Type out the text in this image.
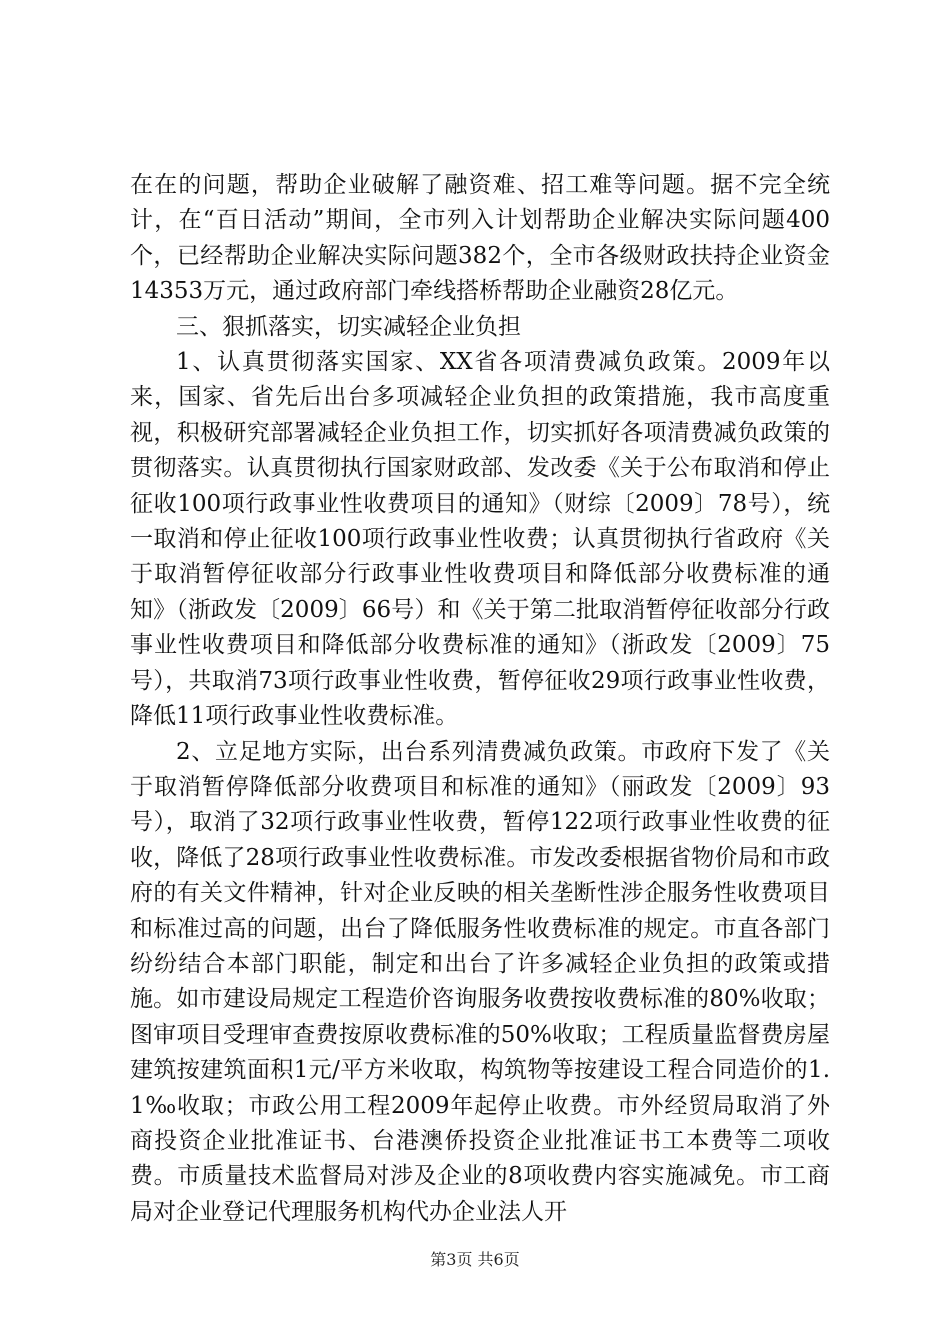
在在的问题，帮助企业破解了融资难、招工难等问题。据不完全统计，在“百日活动”期间，全市列入计划帮助企业解决实际问题400个，已经帮助企业解决实际问题382个，全市各级财政扶持企业资金14353万元，通过政府部门牵线搭桥帮助企业融资28亿元。

三、狠抓落实，切实减轻企业负担

1、认真贯彻落实国家、XX省各项清费减负政策。2009年以来，国家、省先后出台多项减轻企业负担的政策措施，我市高度重视，积极研究部署减轻企业负担工作，切实抓好各项清费减负政策的贯彻落实。认真贯彻执行国家财政部、发改委《关于公布取消和停止征收100项行政事业性收费项目的通知》（财综〔2009〕78号），统一取消和停止征收100项行政事业性收费；认真贯彻执行省政府《关于取消暂停征收部分行政事业性收费项目和降低部分收费标准的通知》（浙政发〔2009〕66号）和《关于第二批取消暂停征收部分行政事业性收费项目和降低部分收费标准的通知》（浙政发〔2009〕75号），共取消73项行政事业性收费，暂停征收29项行政事业性收费，降低11项行政事业性收费标准。

2、立足地方实际，出台系列清费减负政策。市政府下发了《关于取消暂停降低部分收费项目和标准的通知》（丽政发〔2009〕93号），取消了32项行政事业性收费，暂停122项行政事业性收费的征收，降低了28项行政事业性收费标准。市发改委根据省物价局和市政府的有关文件精神，针对企业反映的相关垄断性涉企服务性收费项目和标准过高的问题，出台了降低服务性收费标准的规定。市直各部门纷纷结合本部门职能，制定和出台了许多减轻企业负担的政策或措施。如市建设局规定工程造价咨询服务收费按收费标准的80%收取；图审项目受理审查费按原收费标准的50%收取；工程质量监督费房屋建筑按建筑面积1元/平方米收取，构筑物等按建设工程合同造价的1.1‰收取；市政公用工程2009年起停止收费。市外经贸局取消了外商投资企业批准证书、台港澳侨投资企业批准证书工本费等二项收费。市质量技术监督局对涉及企业的8项收费内容实施减免。市工商局对企业登记代理服务机构代办企业法人开

第3页 共6页
